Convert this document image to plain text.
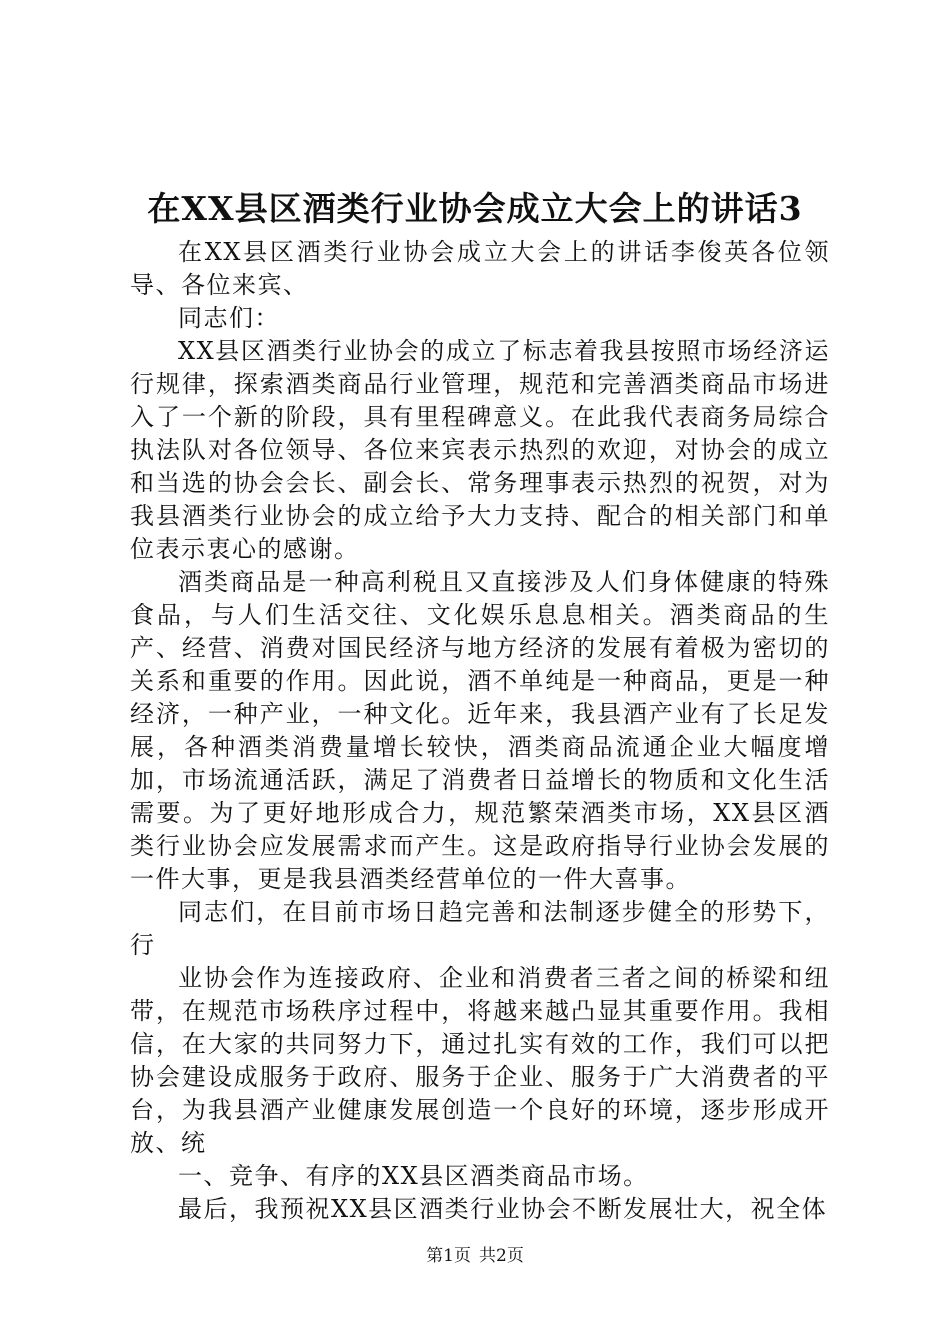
在XX县区酒类行业协会成立大会上的讲话3

在XX县区酒类行业协会成立大会上的讲话李俊英各位领导、各位来宾、

同志们：

XX县区酒类行业协会的成立了标志着我县按照市场经济运行规律，探索酒类商品行业管理，规范和完善酒类商品市场进入了一个新的阶段，具有里程碑意义。在此我代表商务局综合执法队对各位领导、各位来宾表示热烈的欢迎，对协会的成立和当选的协会会长、副会长、常务理事表示热烈的祝贺，对为我县酒类行业协会的成立给予大力支持、配合的相关部门和单位表示衷心的感谢。

酒类商品是一种高利税且又直接涉及人们身体健康的特殊食品，与人们生活交往、文化娱乐息息相关。酒类商品的生产、经营、消费对国民经济与地方经济的发展有着极为密切的关系和重要的作用。因此说，酒不单纯是一种商品，更是一种经济，一种产业，一种文化。近年来，我县酒产业有了长足发展，各种酒类消费量增长较快，酒类商品流通企业大幅度增加，市场流通活跃，满足了消费者日益增长的物质和文化生活需要。为了更好地形成合力，规范繁荣酒类市场，XX县区酒类行业协会应发展需求而产生。这是政府指导行业协会发展的一件大事，更是我县酒类经营单位的一件大喜事。

同志们，在目前市场日趋完善和法制逐步健全的形势下，行

业协会作为连接政府、企业和消费者三者之间的桥梁和纽带，在规范市场秩序过程中，将越来越凸显其重要作用。我相信，在大家的共同努力下，通过扎实有效的工作，我们可以把协会建设成服务于政府、服务于企业、服务于广大消费者的平台，为我县酒产业健康发展创造一个良好的环境，逐步形成开放、统

一、竞争、有序的XX县区酒类商品市场。

最后，我预祝XX县区酒类行业协会不断发展壮大，祝全体

第1页 共2页
